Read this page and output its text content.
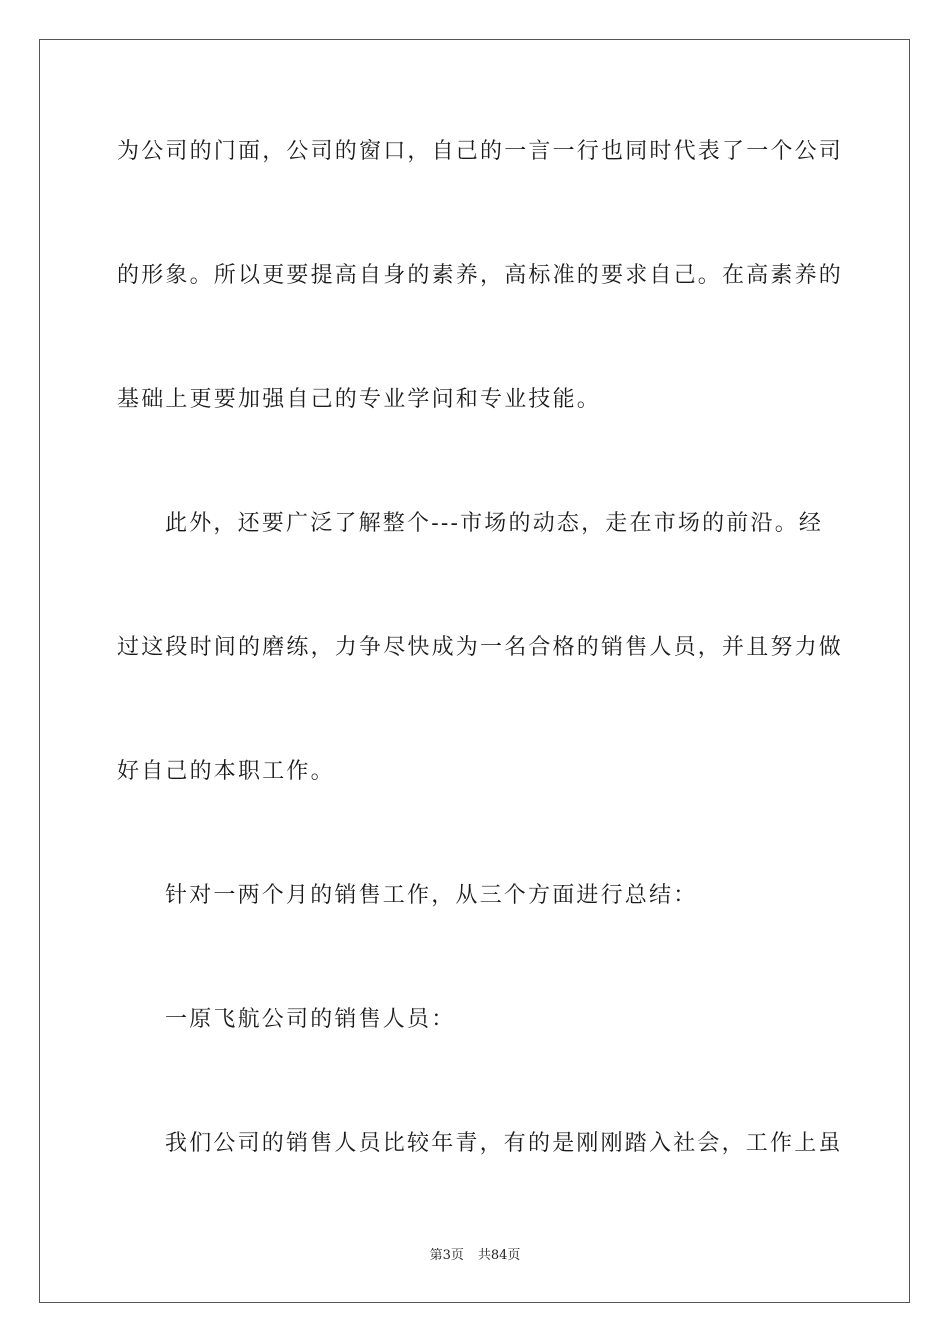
为公司的门面，公司的窗口，自己的一言一行也同时代表了一个公司
的形象。所以更要提高自身的素养，高标准的要求自己。在高素养的
基础上更要加强自己的专业学问和专业技能。
此外，还要广泛了解整个---市场的动态，走在市场的前沿。经
过这段时间的磨练，力争尽快成为一名合格的销售人员，并且努力做
好自己的本职工作。
针对一两个月的销售工作，从三个方面进行总结：
一原飞航公司的销售人员：
我们公司的销售人员比较年青，有的是刚刚踏入社会，工作上虽
第3页 共84页
